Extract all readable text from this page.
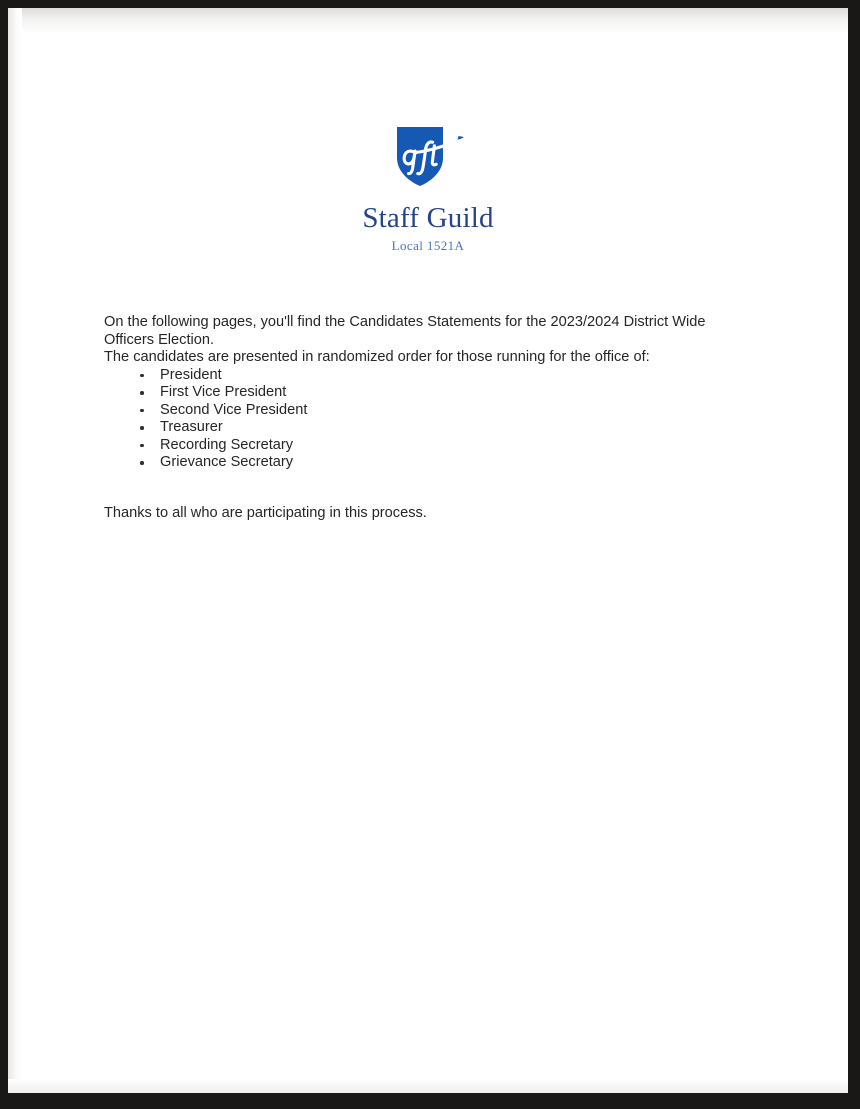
Staff Guild
Local 1521A

On the following pages, you'll find the Candidates Statements for the 2023/2024 District Wide

Officers Election.

The candidates are presented in randomized order for those running for the office of:

President
First Vice President
Second Vice President
Treasurer
Recording Secretary
Grievance Secretary

Thanks to all who are participating in this process.
